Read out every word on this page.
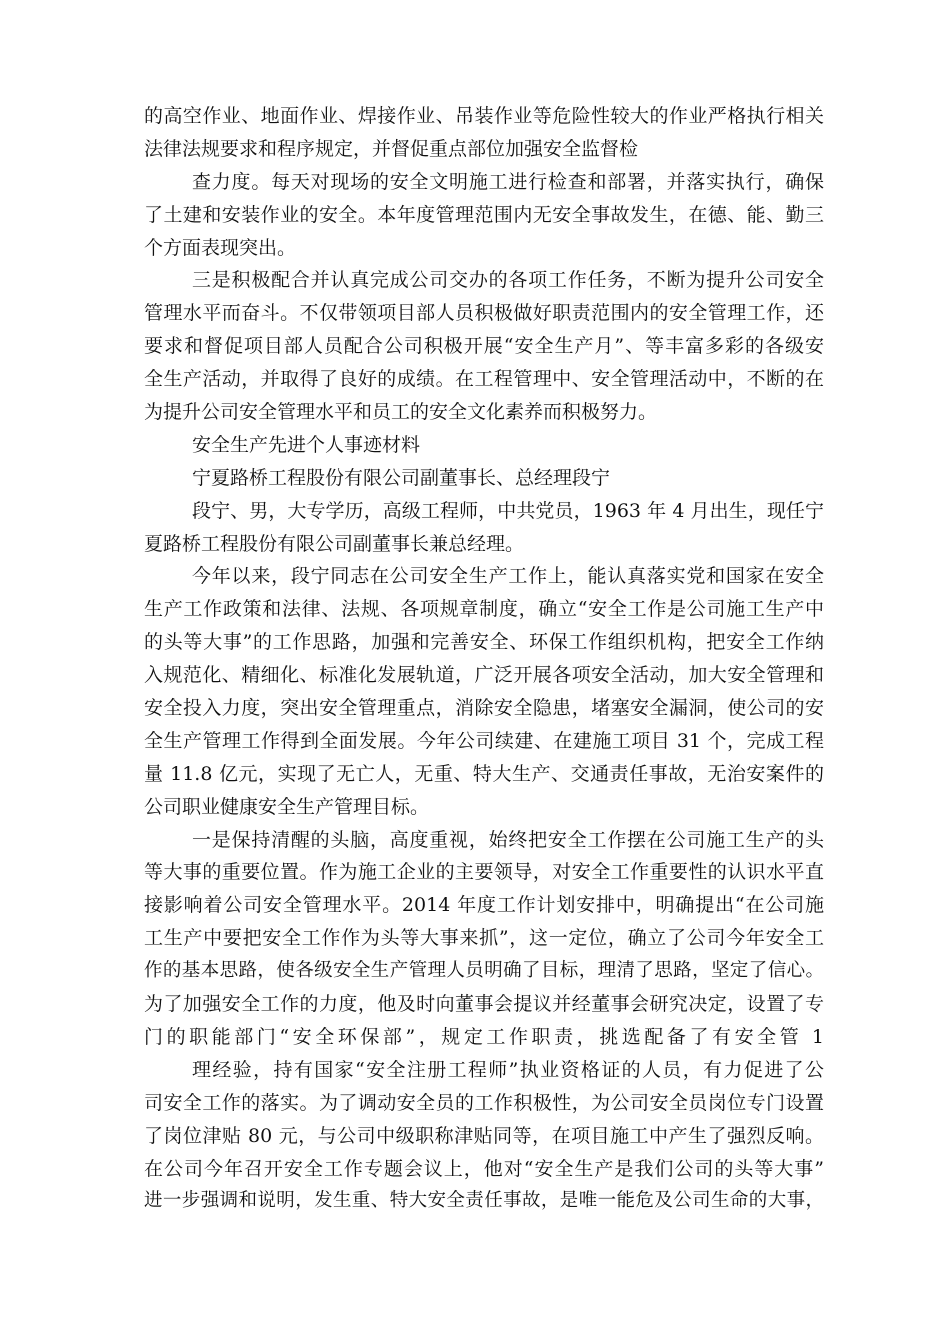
的高空作业、地面作业、焊接作业、吊装作业等危险性较大的作业严格执行相关
法律法规要求和程序规定，并督促重点部位加强安全监督检
查力度。每天对现场的安全文明施工进行检查和部署，并落实执行，确保
了土建和安装作业的安全。本年度管理范围内无安全事故发生，在德、能、勤三
个方面表现突出。
三是积极配合并认真完成公司交办的各项工作任务，不断为提升公司安全
管理水平而奋斗。不仅带领项目部人员积极做好职责范围内的安全管理工作，还
要求和督促项目部人员配合公司积极开展“安全生产月”、等丰富多彩的各级安
全生产活动，并取得了良好的成绩。在工程管理中、安全管理活动中，不断的在
为提升公司安全管理水平和员工的安全文化素养而积极努力。
安全生产先进个人事迹材料
宁夏路桥工程股份有限公司副董事长、总经理段宁
段宁、男，大专学历，高级工程师，中共党员，1963 年 4 月出生，现任宁
夏路桥工程股份有限公司副董事长兼总经理。
今年以来，段宁同志在公司安全生产工作上，能认真落实党和国家在安全
生产工作政策和法律、法规、各项规章制度，确立“安全工作是公司施工生产中
的头等大事”的工作思路，加强和完善安全、环保工作组织机构，把安全工作纳
入规范化、精细化、标准化发展轨道，广泛开展各项安全活动，加大安全管理和
安全投入力度，突出安全管理重点，消除安全隐患，堵塞安全漏洞，使公司的安
全生产管理工作得到全面发展。今年公司续建、在建施工项目 31 个，完成工程
量 11.8 亿元，实现了无亡人，无重、特大生产、交通责任事故，无治安案件的
公司职业健康安全生产管理目标。
一是保持清醒的头脑，高度重视，始终把安全工作摆在公司施工生产的头
等大事的重要位置。作为施工企业的主要领导，对安全工作重要性的认识水平直
接影响着公司安全管理水平。2014 年度工作计划安排中，明确提出“在公司施
工生产中要把安全工作作为头等大事来抓”，这一定位，确立了公司今年安全工
作的基本思路，使各级安全生产管理人员明确了目标，理清了思路，坚定了信心。
为了加强安全工作的力度，他及时向董事会提议并经董事会研究决定，设置了专
门的职能部门“安全环保部”，规定工作职责，挑选配备了有安全管 1
理经验，持有国家“安全注册工程师”执业资格证的人员，有力促进了公
司安全工作的落实。为了调动安全员的工作积极性，为公司安全员岗位专门设置
了岗位津贴 80 元，与公司中级职称津贴同等，在项目施工中产生了强烈反响。
在公司今年召开安全工作专题会议上，他对“安全生产是我们公司的头等大事”
进一步强调和说明，发生重、特大安全责任事故，是唯一能危及公司生命的大事，
